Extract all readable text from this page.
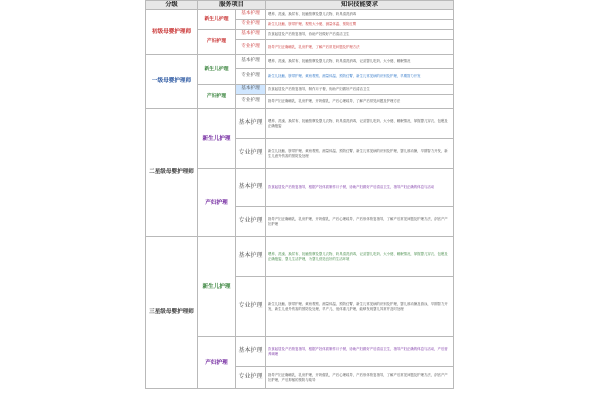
分级	服务项目		知识技能要求
初级母婴护理师	新生儿护理	基本护理	喂养、洗澡、换尿布、抚触按摩及婴儿衣物、奶具清洗消毒
		专业护理	新生儿抚触、脐带护理、观察大小便、测量体温、预防红臀
	产妇护理	基本护理	饮食起居及产后恢复指导，协助产妇做好产后清洁卫生
		专业护理	指导产妇正确哺乳，乳房护理，了解产后常见问题及护理方法
一级母婴护理师	新生儿护理	基本护理	喂养、洗澡、换尿布、抚触按摩及婴儿衣物、奶具清洗消毒，记录婴儿吃奶、大小便、睡眠情况
		专业护理	新生儿抚触、脐带护理、黄疸观察、测量体温、预防红臀，新生儿常见病的识别及护理，早期智力开发
	产妇护理	基本护理	饮食起居及产后恢复指导，制作月子餐，协助产妇做好产后清洁卫生
		专业护理	指导产妇正确哺乳，乳房护理，开奶催乳，产后心理疏导，了解产后常见问题及护理方法
二星级母婴护理师	新生儿护理	基本护理	喂养、洗澡、换尿布、抚触按摩及婴儿衣物、奶具清洗消毒，记录婴儿吃奶、大小便、睡眠情况，掌握婴儿穿衣、包裹及正确抱姿
		专业护理	新生儿抚触、脐带护理、黄疸观察、测量体温、预防红臀、新生儿常见病的识别及护理，婴儿被动操，早期智力开发，新生儿意外伤害的预防及处理
	产妇护理	基本护理	饮食起居及产后恢复指导，根据产妇体质制作月子餐，协助产妇做好产后清洁卫生，指导产妇正确的休息与活动
		专业护理	指导产妇正确哺乳，乳房护理，开奶催乳，产后心理疏导，产后形体恢复指导，了解产后常见问题及护理方法，剖宫产产妇护理
三星级母婴护理师	新生儿护理	基本护理	喂养、洗澡、换尿布、抚触按摩及婴儿衣物、奶具清洗消毒，记录婴儿吃奶、大小便、睡眠情况，掌握婴儿穿衣、包裹及正确抱姿，婴儿生活护理，为婴儿营造良好的生活环境
		专业护理	新生儿抚触、脐带护理、黄疸观察、测量体温、预防红臀，新生儿常见病的识别及护理，婴儿被动操及游泳，早期智力开发，新生儿意外伤害的预防及处理，早产儿、低体重儿护理，能够发现婴儿异常并及时处理
	产妇护理	基本护理	饮食起居及产后恢复指导，根据产妇体质制作月子餐，协助产妇做好产后清洁卫生，指导产妇正确的休息与活动，产后营养调理
		专业护理	指导产妇正确哺乳，乳房护理，开奶催乳，产后心理疏导，产后形体恢复指导，了解产后常见问题及护理方法，剖宫产产妇护理，产后抑郁的预防与疏导
